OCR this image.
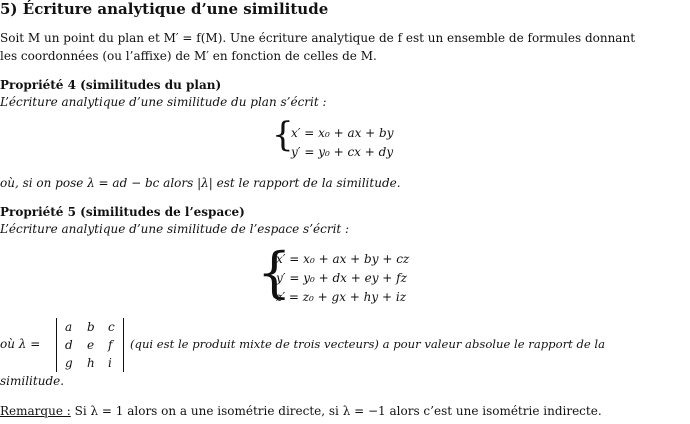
5) Écriture analytique d’une similitude
Soit M un point du plan et M′ = f(M). Une écriture analytique de f est un ensemble de formules donnant
les coordonnées (ou l’affixe) de M′ en fonction de celles de M.
Propriété 4 (similitudes du plan)
L’écriture analytique d’une similitude du plan s’écrit :
{
x′ = x₀ + ax + by
y′ = y₀ + cx + dy
où, si on pose λ = ad − bc alors |λ| est le rapport de la similitude.
Propriété 5 (similitudes de l’espace)
L’écriture analytique d’une similitude de l’espace s’écrit :
{
x′ = x₀ + ax + by + cz
y′ = y₀ + dx + ey + fz
z′ = z₀ + gx + hy + iz
où λ =
a b c
d e f
g h i
(qui est le produit mixte de trois vecteurs) a pour valeur absolue le rapport de la
similitude.
Remarque : Si λ = 1 alors on a une isométrie directe, si λ = −1 alors c’est une isométrie indirecte.
